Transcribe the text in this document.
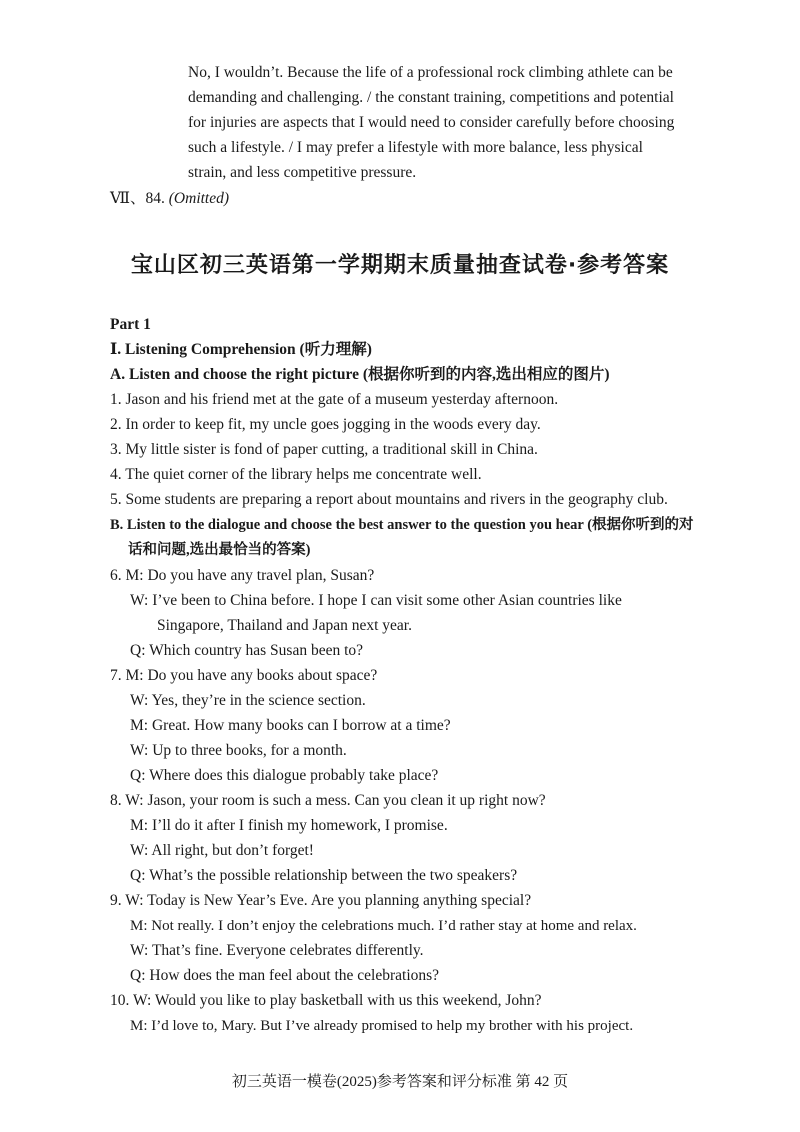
No, I wouldn’t. Because the life of a professional rock climbing athlete can be
demanding and challenging. / the constant training, competitions and potential
for injuries are aspects that I would need to consider carefully before choosing
such a lifestyle. / I may prefer a lifestyle with more balance, less physical
strain, and less competitive pressure.
Ⅶ、84. (Omitted)
宝山区初三英语第一学期期末质量抽查试卷·参考答案
Part 1
Ⅰ. Listening Comprehension (听力理解)
A. Listen and choose the right picture (根据你听到的内容,选出相应的图片)
1. Jason and his friend met at the gate of a museum yesterday afternoon.
2. In order to keep fit, my uncle goes jogging in the woods every day.
3. My little sister is fond of paper cutting, a traditional skill in China.
4. The quiet corner of the library helps me concentrate well.
5. Some students are preparing a report about mountains and rivers in the geography club.
B. Listen to the dialogue and choose the best answer to the question you hear (根据你听到的对
话和问题,选出最恰当的答案)
6. M: Do you have any travel plan, Susan?
W: I’ve been to China before. I hope I can visit some other Asian countries like
Singapore, Thailand and Japan next year.
Q: Which country has Susan been to?
7. M: Do you have any books about space?
W: Yes, they’re in the science section.
M: Great. How many books can I borrow at a time?
W: Up to three books, for a month.
Q: Where does this dialogue probably take place?
8. W: Jason, your room is such a mess. Can you clean it up right now?
M: I’ll do it after I finish my homework, I promise.
W: All right, but don’t forget!
Q: What’s the possible relationship between the two speakers?
9. W: Today is New Year’s Eve. Are you planning anything special?
M: Not really. I don’t enjoy the celebrations much. I’d rather stay at home and relax.
W: That’s fine. Everyone celebrates differently.
Q: How does the man feel about the celebrations?
10. W: Would you like to play basketball with us this weekend, John?
M: I’d love to, Mary. But I’ve already promised to help my brother with his project.
初三英语一模卷(2025)参考答案和评分标准 第 42 页
